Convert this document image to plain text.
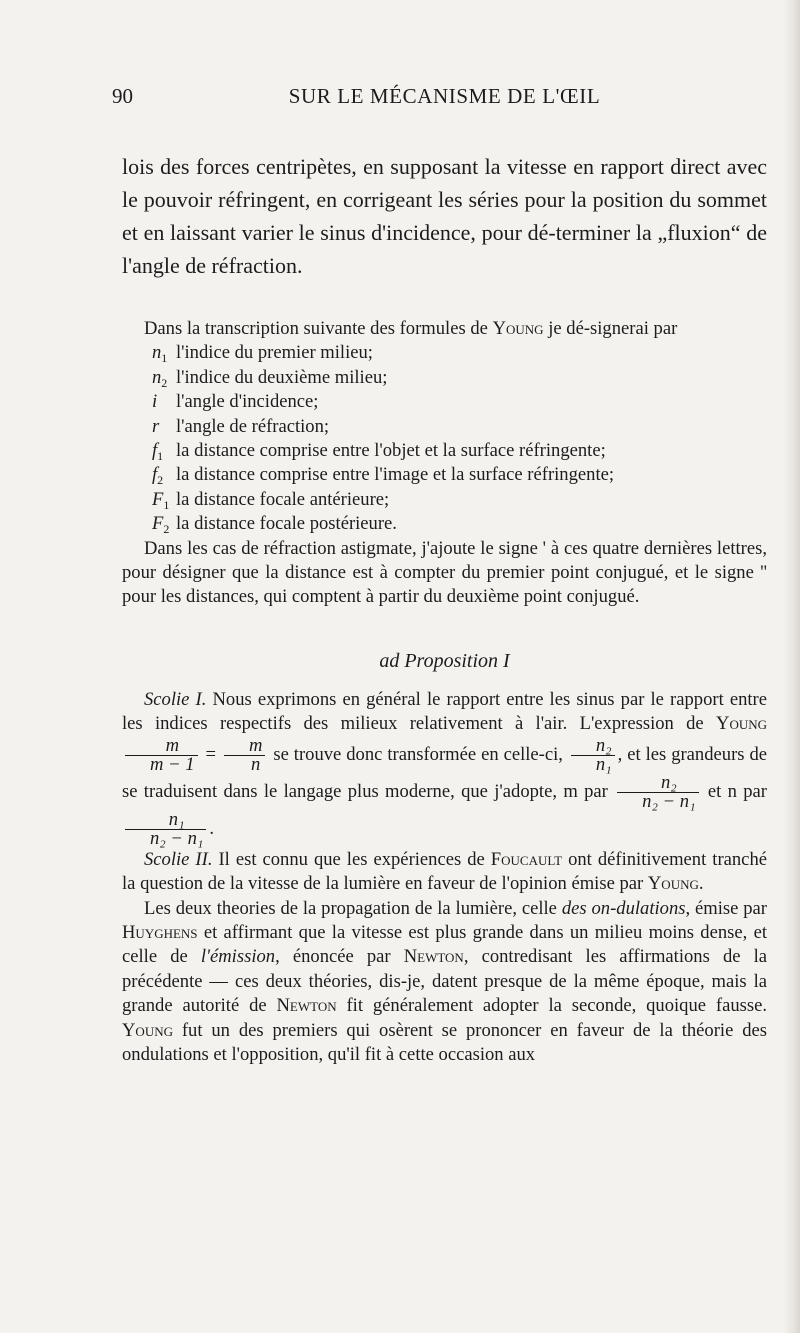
90	SUR LE MÉCANISME DE L'ŒIL

lois des forces centripètes, en supposant la vitesse en rapport direct avec le pouvoir réfringent, en corrigeant les séries pour la position du sommet et en laissant varier le sinus d'incidence, pour dé-terminer la „fluxion“ de l'angle de réfraction.

Dans la transcription suivante des formules de Young je dé-signerai par

$n_1$ l'indice du premier milieu;
$n_2$ l'indice du deuxième milieu;
i	l'angle d'incidence;
r l'angle de réfraction;
$f_1$ la distance comprise entre l'objet et la surface réfringente;
$f_2$ la distance comprise entre l'image et la surface réfringente;
$F_1$ la distance focale antérieure;
$F_2$ la distance focale postérieure.

Dans les cas de réfraction astigmate, j'ajoute le signe ' à ces quatre dernières lettres, pour désigner que la distance est à compter du premier point conjugué, et le signe '' pour les distances, qui comptent à partir du deuxième point conjugué.

ad Proposition I

Scolie I. Nous exprimons en général le rapport entre les sinus par le rapport entre les indices respectifs des milieux relativement à l'air. L'expression de Young
$\frac{m}{m - 1} = \frac{m}{n}$ se trouve donc transformée en celle-ci, $\frac{\text{n₂}}{\text{n₁}}$ , et les grandeurs de se traduisent dans le langage plus moderne, que j'adopte, m par $\frac{\text{n₂}}{\text{n₂ − n₁}}$ et n par
$\frac{\text{n₁}}{\text{n₂ − n₁}}$ .

Scolie II. Il est connu que les expériences de Foucault ont définitivement tranché la question de la vitesse de la lumière en faveur de l'opinion émise par Young.

Les deux theories de la propagation de la lumière, celle des on-dulations, émise par Huyghens et affirmant que la vitesse est plus grande dans un milieu moins dense, et celle de l'émission, énoncée par Newton, contredisant les affirmations de la précédente — ces deux théories, dis-je, datent presque de la même époque, mais la grande autorité de Newton fit généralement adopter la seconde, quoique fausse. Young fut un des premiers qui osèrent se prononcer en faveur de la théorie des ondulations et l'opposition, qu'il fit à cette occasion aux
